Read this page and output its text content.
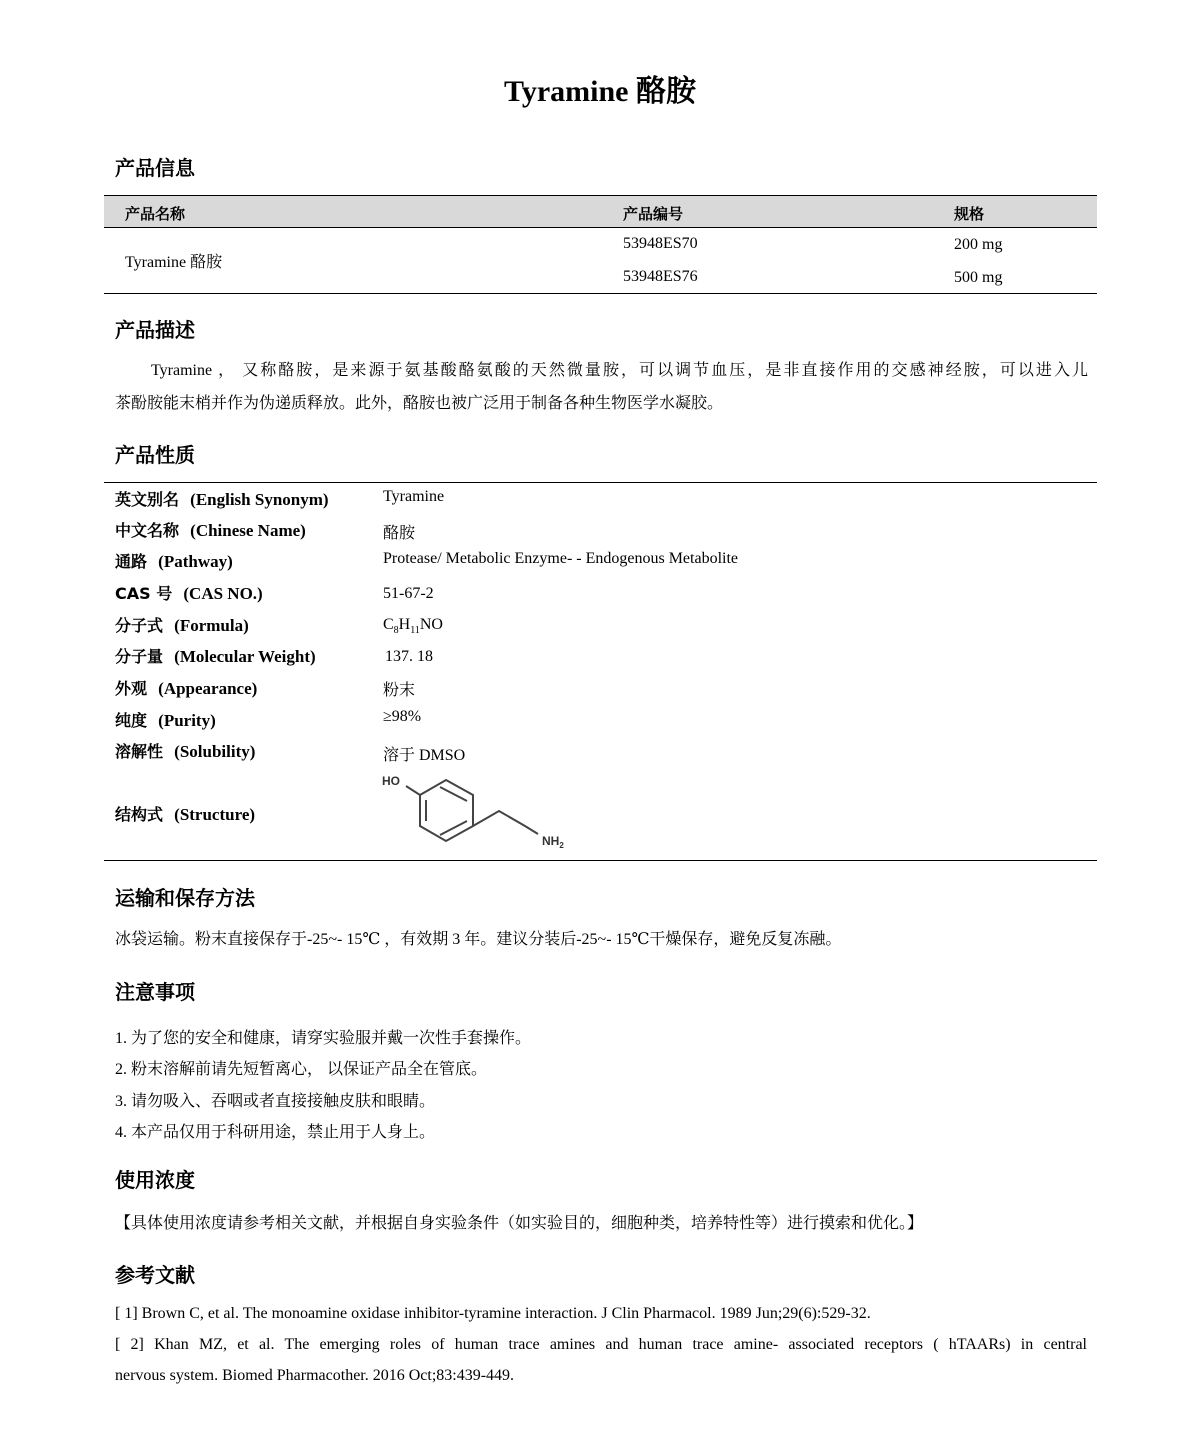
Tyramine 酪胺
产品信息
产品名称	产品编号	规格
Tyramine 酪胺
53948ES70	200 mg
53948ES76	500 mg
产品描述
Tyramine ， 又称酪胺，是来源于氨基酸酪氨酸的天然微量胺，可以调节血压，是非直接作用的交感神经胺，可以进入儿
茶酚胺能末梢并作为伪递质释放。此外，酪胺也被广泛用于制备各种生物医学水凝胶。
产品性质
英文别名 (English Synonym)	Tyramine
中文名称 (Chinese Name)	酪胺
通路 (Pathway)	Protease/ Metabolic Enzyme- - Endogenous Metabolite
CAS 号 (CAS NO.)	51-67-2
分子式 (Formula)	$C_8H_{11}NO$
分子量 (Molecular Weight)	137. 18
外观 (Appearance)	粉末
纯度 (Purity)	≥98%
溶解性 (Solubility)	溶于 DMSO
结构式 (Structure)
HO
$NH_2$
运输和保存方法
冰袋运输。粉末直接保存于-25~- 15℃ ，有效期 3 年。建议分装后-25~- 15℃干燥保存，避免反复冻融。
注意事项
1. 为了您的安全和健康，请穿实验服并戴一次性手套操作。
2. 粉末溶解前请先短暂离心， 以保证产品全在管底。
3. 请勿吸入、吞咽或者直接接触皮肤和眼睛。
4. 本产品仅用于科研用途，禁止用于人身上。
使用浓度
【具体使用浓度请参考相关文献，并根据自身实验条件（如实验目的，细胞种类，培养特性等）进行摸索和优化。】
参考文献
[ 1] Brown C, et al. The monoamine oxidase inhibitor-tyramine interaction. J Clin Pharmacol. 1989 Jun;29(6):529-32.
[ 2] Khan MZ, et al. The emerging roles of human trace amines and human trace amine- associated receptors ( hTAARs) in central
nervous system. Biomed Pharmacother. 2016 Oct;83:439-449.
